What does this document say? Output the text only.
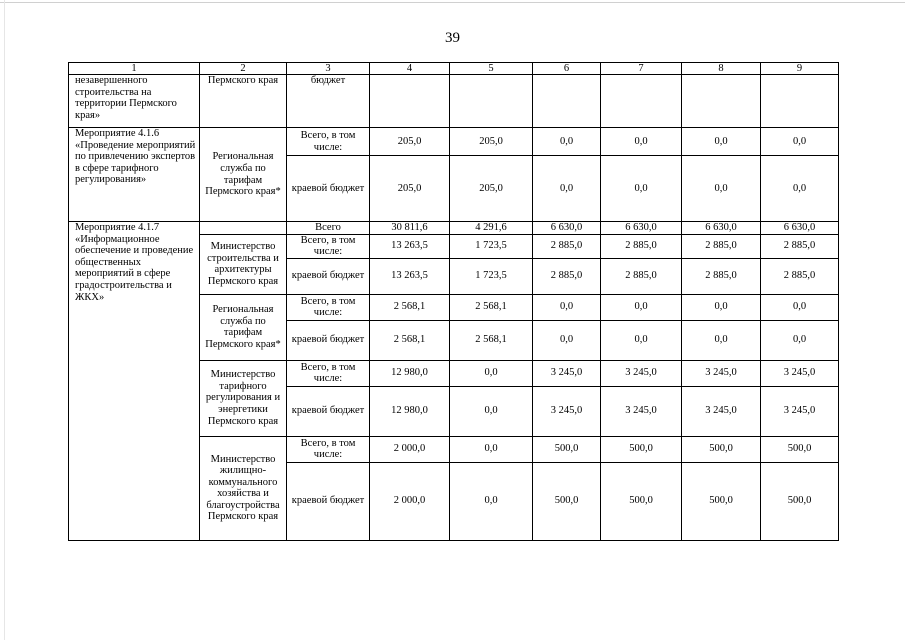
39
1	2	3	4	5	6	7	8	9
незавершенного строительства на территории Пермского края»	Пермского края	бюджет						
Мероприятие 4.1.6 «Проведение мероприятий по привлечению экспертов в сфере тарифного регулирования»	Региональная служба по тарифам Пермского края*	Всего, в том числе:	205,0	205,0	0,0	0,0	0,0	0,0
		краевой бюджет	205,0	205,0	0,0	0,0	0,0	0,0
Мероприятие 4.1.7 «Информационное обеспечение и проведение общественных мероприятий в сфере градостроительства и ЖКХ»		Всего	30 811,6	4 291,6	6 630,0	6 630,0	6 630,0	6 630,0
	Министерство строительства и архитектуры Пермского края	Всего, в том числе:	13 263,5	1 723,5	2 885,0	2 885,0	2 885,0	2 885,0
		краевой бюджет	13 263,5	1 723,5	2 885,0	2 885,0	2 885,0	2 885,0
	Региональная служба по тарифам Пермского края*	Всего, в том числе:	2 568,1	2 568,1	0,0	0,0	0,0	0,0
		краевой бюджет	2 568,1	2 568,1	0,0	0,0	0,0	0,0
	Министерство тарифного регулирования и энергетики Пермского края	Всего, в том числе:	12 980,0	0,0	3 245,0	3 245,0	3 245,0	3 245,0
		краевой бюджет	12 980,0	0,0	3 245,0	3 245,0	3 245,0	3 245,0
	Министерство жилищно-коммунального хозяйства и благоустройства Пермского края	Всего, в том числе:	2 000,0	0,0	500,0	500,0	500,0	500,0
		краевой бюджет	2 000,0	0,0	500,0	500,0	500,0	500,0
